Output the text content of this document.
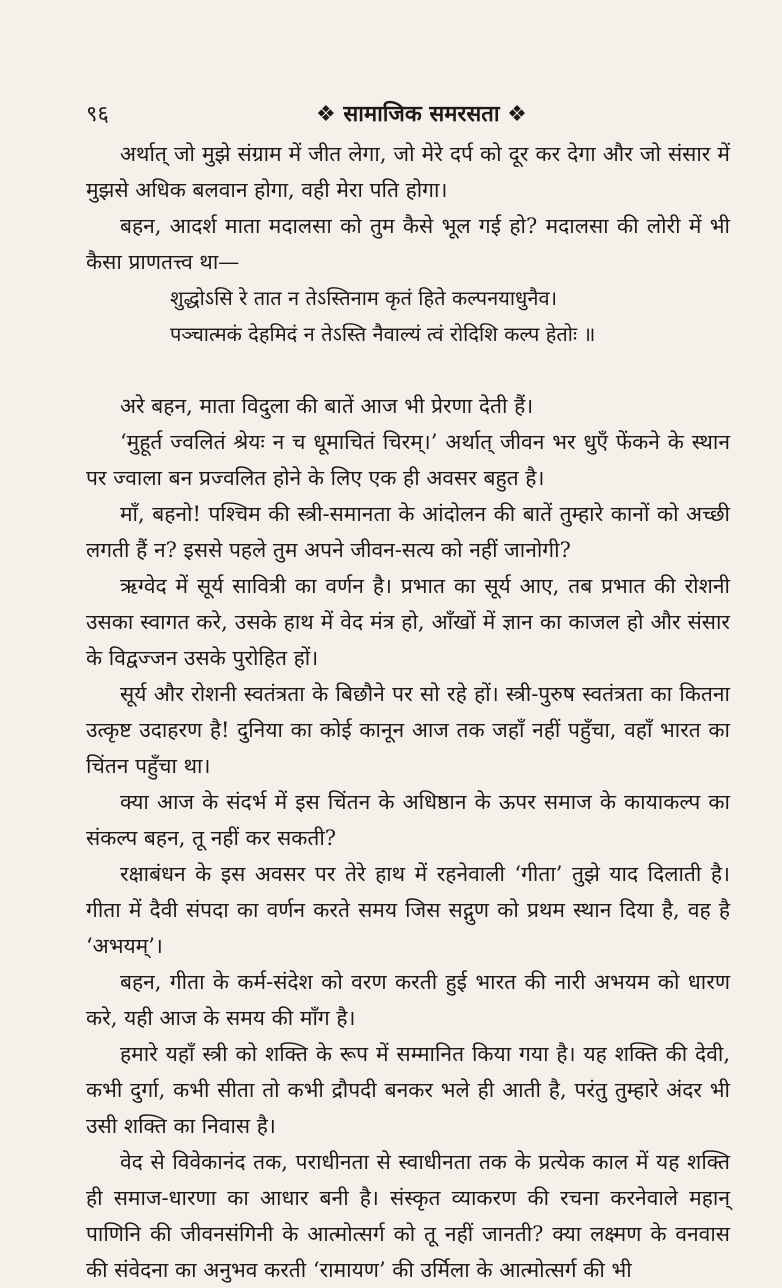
९६	❖ सामाजिक समरसता ❖

अर्थात् जो मुझे संग्राम में जीत लेगा, जो मेरे दर्प को दूर कर देगा और जो संसार में मुझसे अधिक बलवान होगा, वही मेरा पति होगा।

बहन, आदर्श माता मदालसा को तुम कैसे भूल गई हो? मदालसा की लोरी में भी कैसा प्राणतत्त्व था—

शुद्धोऽसि रे तात न तेऽस्तिनाम कृतं हिते कल्पनयाधुनैव।

पञ्चात्मकं देहमिदं न तेऽस्ति नैवाल्यं त्वं रोदिशि कल्प हेतोः ॥

अरे बहन, माता विदुला की बातें आज भी प्रेरणा देती हैं।

‘मुहूर्त ज्वलितं श्रेयः न च धूमाचितं चिरम्।’ अर्थात् जीवन भर धुएँ फेंकने के स्थान पर ज्वाला बन प्रज्वलित होने के लिए एक ही अवसर बहुत है।

माँ, बहनो! पश्चिम की स्त्री-समानता के आंदोलन की बातें तुम्हारे कानों को अच्छी लगती हैं न? इससे पहले तुम अपने जीवन-सत्य को नहीं जानोगी?

ऋग्वेद में सूर्य सावित्री का वर्णन है। प्रभात का सूर्य आए, तब प्रभात की रोशनी उसका स्वागत करे, उसके हाथ में वेद मंत्र हो, आँखों में ज्ञान का काजल हो और संसार के विद्वज्जन उसके पुरोहित हों।

सूर्य और रोशनी स्वतंत्रता के बिछौने पर सो रहे हों। स्त्री-पुरुष स्वतंत्रता का कितना उत्कृष्ट उदाहरण है! दुनिया का कोई कानून आज तक जहाँ नहीं पहुँचा, वहाँ भारत का चिंतन पहुँचा था।

क्या आज के संदर्भ में इस चिंतन के अधिष्ठान के ऊपर समाज के कायाकल्प का संकल्प बहन, तू नहीं कर सकती?

रक्षाबंधन के इस अवसर पर तेरे हाथ में रहनेवाली ‘गीता’ तुझे याद दिलाती है। गीता में दैवी संपदा का वर्णन करते समय जिस सद्गुण को प्रथम स्थान दिया है, वह है ‘अभयम्’।

बहन, गीता के कर्म-संदेश को वरण करती हुई भारत की नारी अभयम को धारण करे, यही आज के समय की माँग है।

हमारे यहाँ स्त्री को शक्ति के रूप में सम्मानित किया गया है। यह शक्ति की देवी, कभी दुर्गा, कभी सीता तो कभी द्रौपदी बनकर भले ही आती है, परंतु तुम्हारे अंदर भी उसी शक्ति का निवास है।

वेद से विवेकानंद तक, पराधीनता से स्वाधीनता तक के प्रत्येक काल में यह शक्ति ही समाज-धारणा का आधार बनी है। संस्कृत व्याकरण की रचना करनेवाले महान् पाणिनि की जीवनसंगिनी के आत्मोत्सर्ग को तू नहीं जानती? क्या लक्ष्मण के वनवास की संवेदना का अनुभव करती ‘रामायण’ की उर्मिला के आत्मोत्सर्ग की भी
